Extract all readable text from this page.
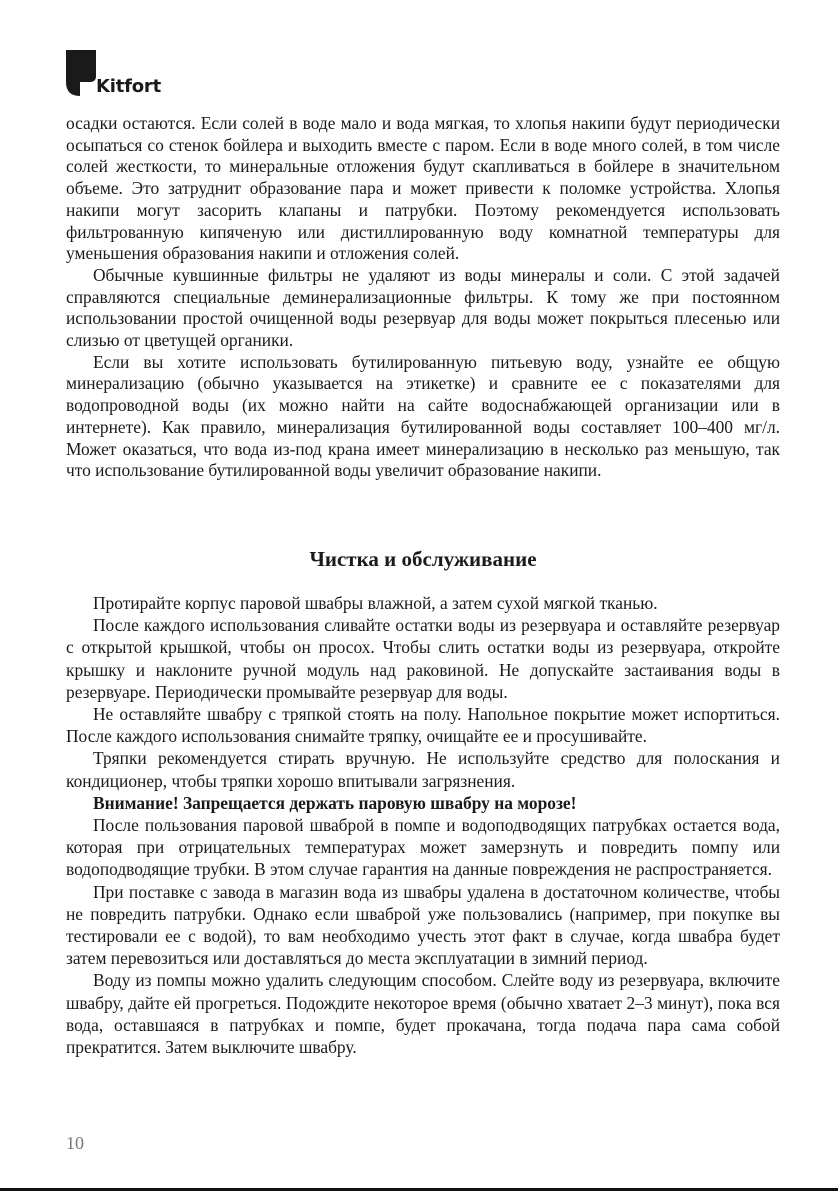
Kitfort

осадки остаются. Если солей в воде мало и вода мягкая, то хлопья накипи будут периодически осыпаться со стенок бойлера и выходить вместе с паром. Если в воде много солей, в том числе солей жесткости, то минеральные отложения будут скапливаться в бойлере в значительном объеме. Это затруднит образование пара и может привести к поломке устройства. Хлопья накипи могут засорить клапаны и патрубки. Поэтому рекомендуется использовать фильтрованную кипяченую или дистиллированную воду комнатной температуры для уменьшения образования накипи и отложения солей.

Обычные кувшинные фильтры не удаляют из воды минералы и соли. С этой задачей справляются специальные деминерализационные фильтры. К тому же при постоянном использовании простой очищенной воды резервуар для воды может покрыться плесенью или слизью от цветущей органики.

Если вы хотите использовать бутилированную питьевую воду, узнайте ее общую минерализацию (обычно указывается на этикетке) и сравните ее с показателями для водопроводной воды (их можно найти на сайте водоснабжающей организации или в интернете). Как правило, минерализация бутилированной воды составляет 100–400 мг/л. Может оказаться, что вода из-под крана имеет минерализацию в несколько раз меньшую, так что использование бутилированной воды увеличит образование накипи.

Чистка и обслуживание

Протирайте корпус паровой швабры влажной, а затем сухой мягкой тканью.

После каждого использования сливайте остатки воды из резервуара и оставляйте резервуар с открытой крышкой, чтобы он просох. Чтобы слить остатки воды из резервуара, откройте крышку и наклоните ручной модуль над раковиной. Не допускайте застаивания воды в резервуаре. Периодически промывайте резервуар для воды.

Не оставляйте швабру с тряпкой стоять на полу. Напольное покрытие может испортиться. После каждого использования снимайте тряпку, очищайте ее и просушивайте.

Тряпки рекомендуется стирать вручную. Не используйте средство для полоскания и кондиционер, чтобы тряпки хорошо впитывали загрязнения.

Внимание! Запрещается держать паровую швабру на морозе!

После пользования паровой шваброй в помпе и водоподводящих патрубках остается вода, которая при отрицательных температурах может замерзнуть и повредить помпу или водоподводящие трубки. В этом случае гарантия на данные повреждения не распространяется.

При поставке с завода в магазин вода из швабры удалена в достаточном количестве, чтобы не повредить патрубки. Однако если шваброй уже пользовались (например, при покупке вы тестировали ее с водой), то вам необходимо учесть этот факт в случае, когда швабра будет затем перевозиться или доставляться до места эксплуатации в зимний период.

Воду из помпы можно удалить следующим способом. Слейте воду из резервуара, включите швабру, дайте ей прогреться. Подождите некоторое время (обычно хватает 2–3 минут), пока вся вода, оставшаяся в патрубках и помпе, будет прокачана, тогда подача пара сама собой прекратится. Затем выключите швабру.

10
